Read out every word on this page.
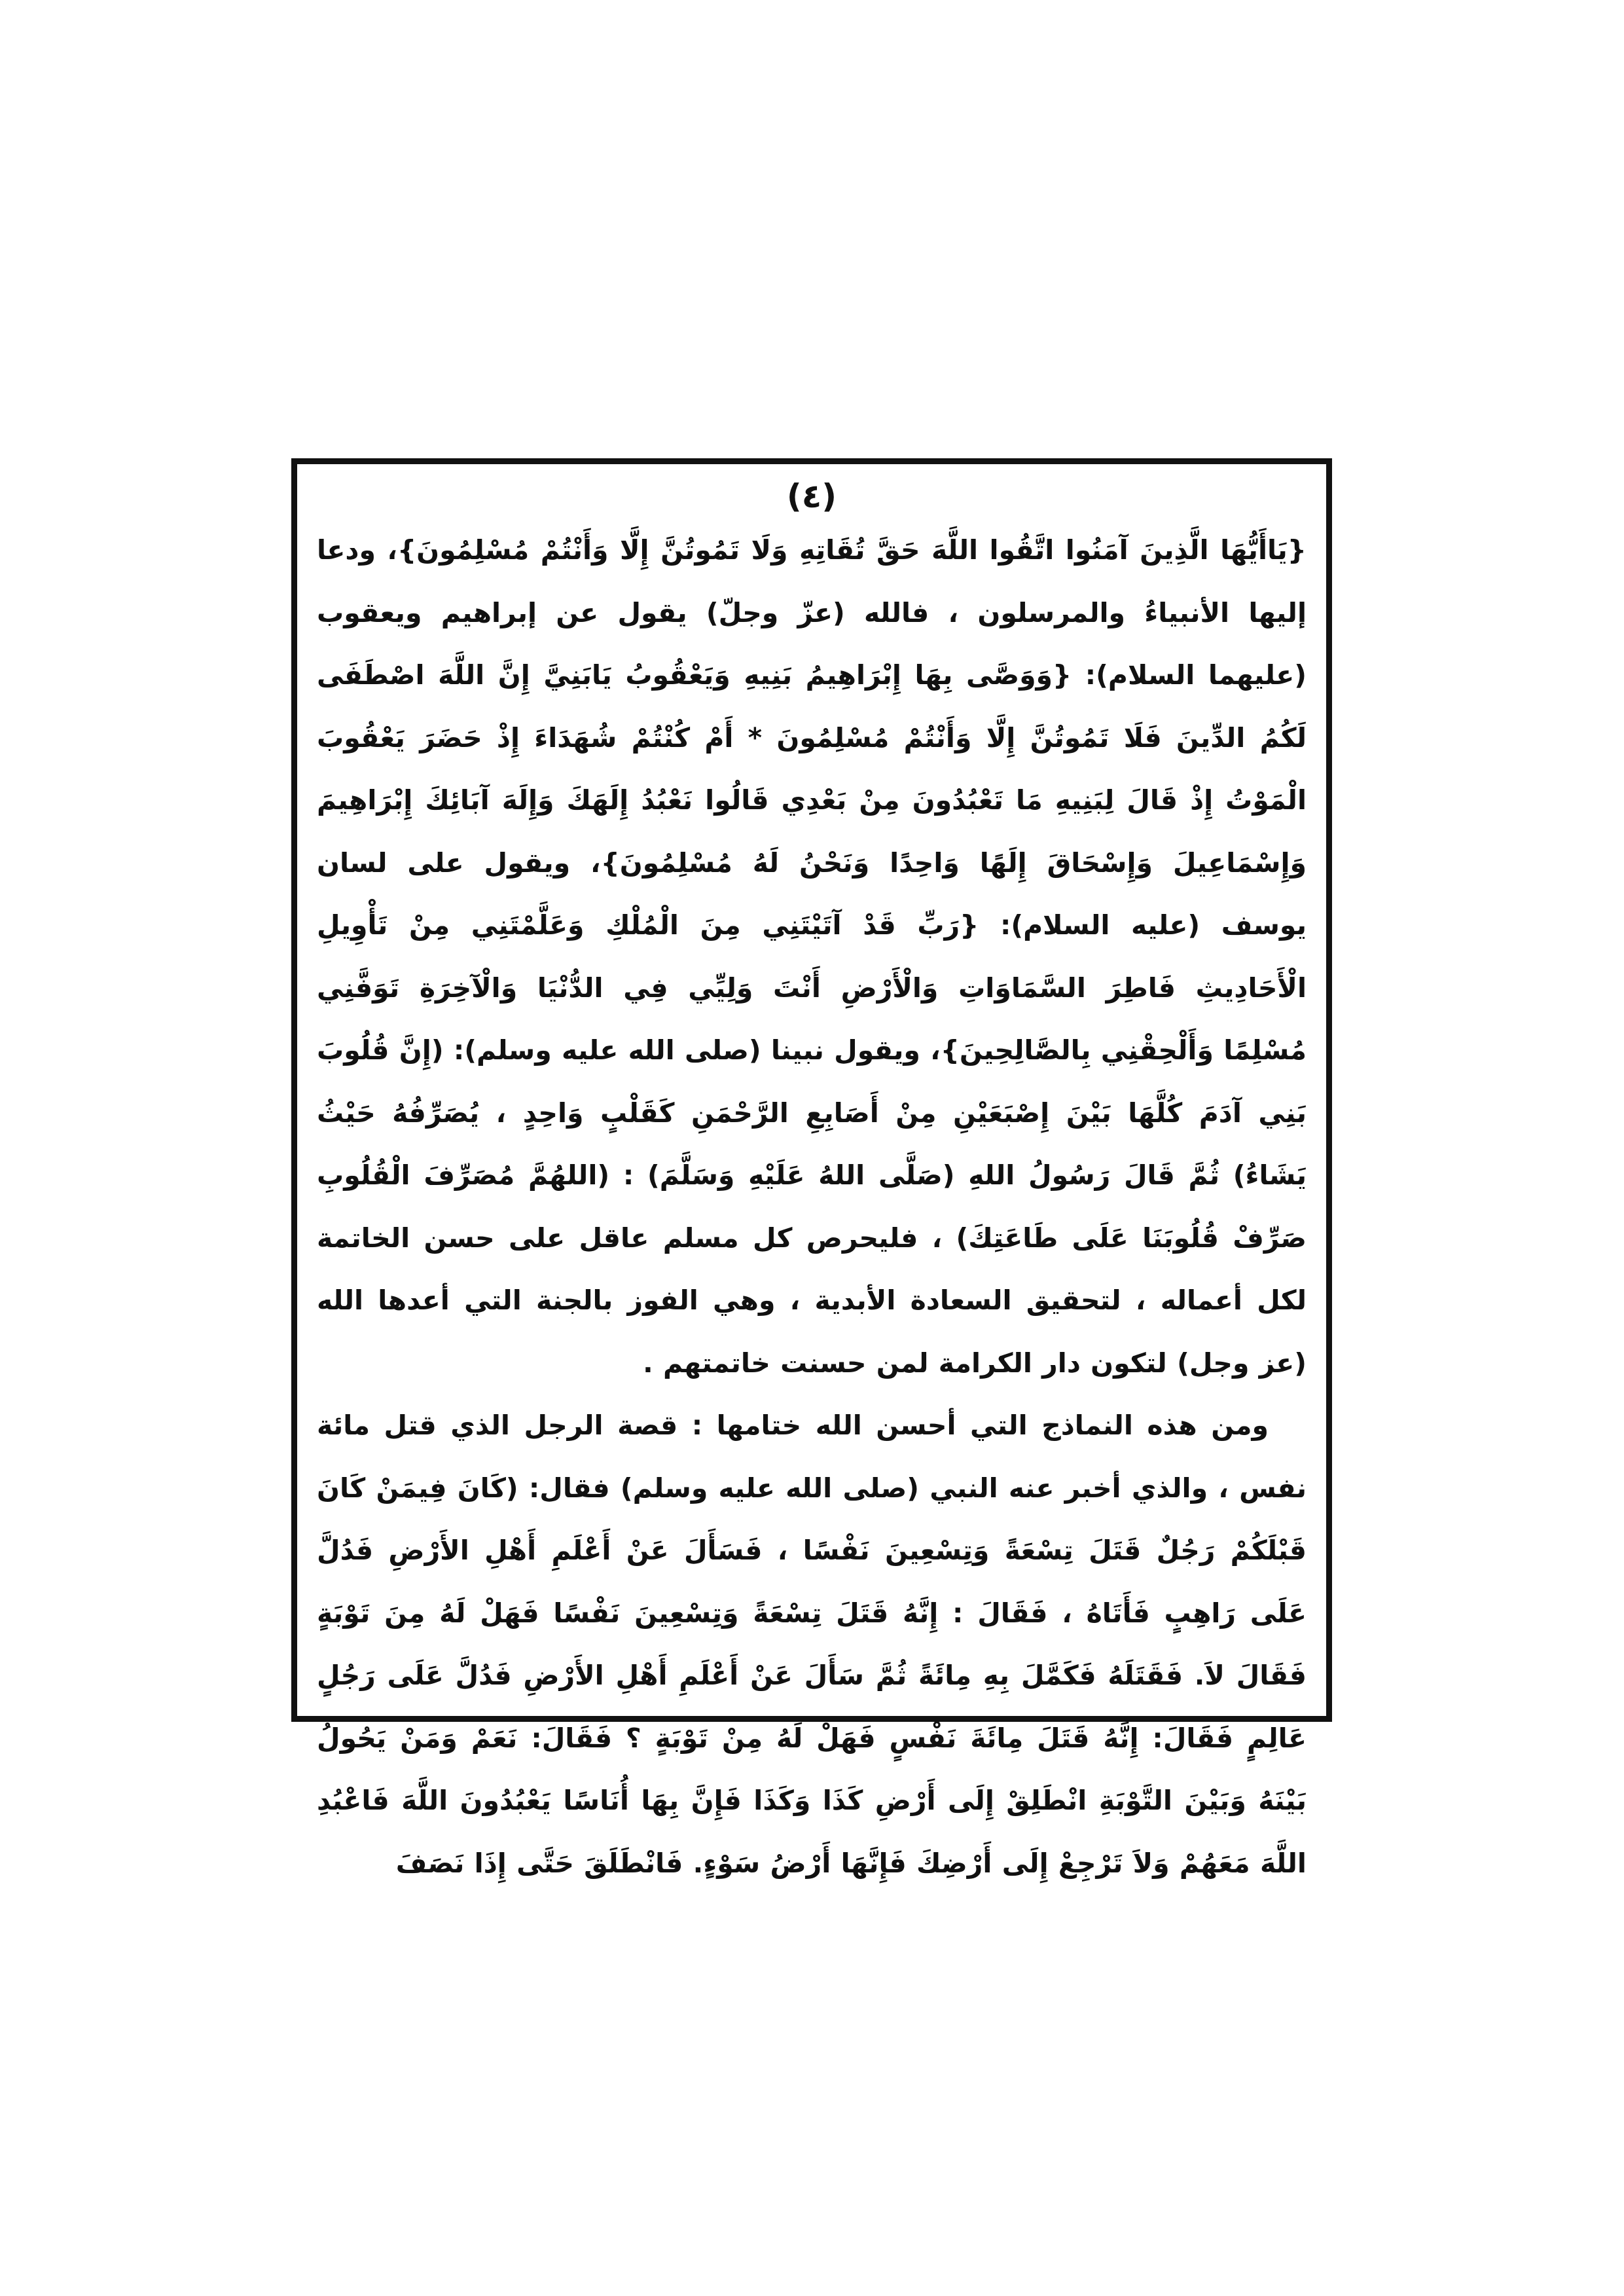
(٤)

{يَاأَيُّهَا الَّذِينَ آمَنُوا اتَّقُوا اللَّهَ حَقَّ تُقَاتِهِ وَلَا تَمُوتُنَّ إِلَّا وَأَنْتُمْ مُسْلِمُونَ}، ودعا إليها الأنبياءُ والمرسلون ، فالله (عزّ وجلّ) يقول عن إبراهيم ويعقوب (عليهما السلام): {وَوَصَّى بِهَا إِبْرَاهِيمُ بَنِيهِ وَيَعْقُوبُ يَابَنِيَّ إِنَّ اللَّهَ اصْطَفَى لَكُمُ الدِّينَ فَلَا تَمُوتُنَّ إِلَّا وَأَنْتُمْ مُسْلِمُونَ * أَمْ كُنْتُمْ شُهَدَاءَ إِذْ حَضَرَ يَعْقُوبَ الْمَوْتُ إِذْ قَالَ لِبَنِيهِ مَا تَعْبُدُونَ مِنْ بَعْدِي قَالُوا نَعْبُدُ إِلَهَكَ وَإِلَهَ آبَائِكَ إِبْرَاهِيمَ وَإِسْمَاعِيلَ وَإِسْحَاقَ إِلَهًا وَاحِدًا وَنَحْنُ لَهُ مُسْلِمُونَ}، ويقول على لسان يوسف (عليه السلام): {رَبِّ قَدْ آتَيْتَنِي مِنَ الْمُلْكِ وَعَلَّمْتَنِي مِنْ تَأْوِيلِ الْأَحَادِيثِ فَاطِرَ السَّمَاوَاتِ وَالْأَرْضِ أَنْتَ وَلِيِّي فِي الدُّنْيَا وَالْآخِرَةِ تَوَفَّنِي مُسْلِمًا وَأَلْحِقْنِي بِالصَّالِحِينَ}، ويقول نبينا (صلى الله عليه وسلم): (إِنَّ قُلُوبَ بَنِي آدَمَ كُلَّهَا بَيْنَ إِصْبَعَيْنِ مِنْ أَصَابِعِ الرَّحْمَنِ كَقَلْبٍ وَاحِدٍ ، يُصَرِّفُهُ حَيْثُ يَشَاءُ) ثُمَّ قَالَ رَسُولُ اللهِ (صَلَّى اللهُ عَلَيْهِ وَسَلَّمَ) : (اللهُمَّ مُصَرِّفَ الْقُلُوبِ صَرِّفْ قُلُوبَنَا عَلَى طَاعَتِكَ) ، فليحرص كل مسلم عاقل على حسن الخاتمة لكل أعماله ، لتحقيق السعادة الأبدية ، وهي الفوز بالجنة التي أعدها الله (عز وجل) لتكون دار الكرامة لمن حسنت خاتمتهم .

ومن هذه النماذج التي أحسن الله ختامها : قصة الرجل الذي قتل مائة نفس ، والذي أخبر عنه النبي (صلى الله عليه وسلم) فقال: (كَانَ فِيمَنْ كَانَ قَبْلَكُمْ رَجُلٌ قَتَلَ تِسْعَةً وَتِسْعِينَ نَفْسًا ، فَسَأَلَ عَنْ أَعْلَمِ أَهْلِ الأَرْضِ فَدُلَّ عَلَى رَاهِبٍ فَأَتَاهُ ، فَقَالَ : إِنَّهُ قَتَلَ تِسْعَةً وَتِسْعِينَ نَفْسًا فَهَلْ لَهُ مِنَ تَوْبَةٍ فَقَالَ لاَ. فَقَتَلَهُ فَكَمَّلَ بِهِ مِائَةً ثُمَّ سَأَلَ عَنْ أَعْلَمِ أَهْلِ الأَرْضِ فَدُلَّ عَلَى رَجُلٍ عَالِمٍ فَقَالَ: إِنَّهُ قَتَلَ مِائَةَ نَفْسٍ فَهَلْ لَهُ مِنْ تَوْبَةٍ ؟ فَقَالَ: نَعَمْ وَمَنْ يَحُولُ بَيْنَهُ وَبَيْنَ التَّوْبَةِ انْطَلِقْ إِلَى أَرْضِ كَذَا وَكَذَا فَإِنَّ بِهَا أُنَاسًا يَعْبُدُونَ اللَّهَ فَاعْبُدِ اللَّهَ مَعَهُمْ وَلاَ تَرْجِعْ إِلَى أَرْضِكَ فَإِنَّهَا أَرْضُ سَوْءٍ. فَانْطَلَقَ حَتَّى إِذَا نَصَفَ
